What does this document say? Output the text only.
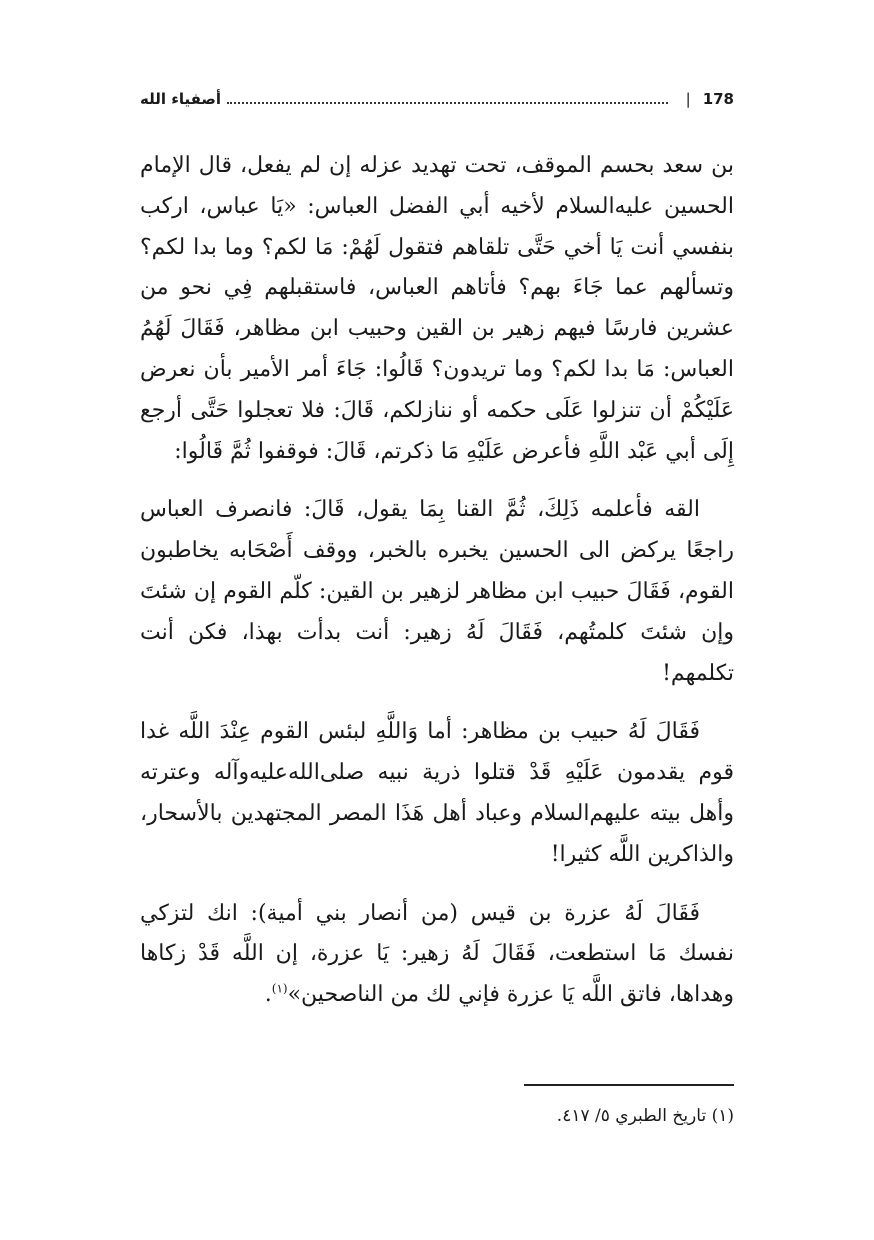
178
|
أصفياء الله

بن سعد بحسم الموقف، تحت تهديد عزله إن لم يفعل، قال الإمام الحسين عليه‌السلام لأخيه أبي الفضل العباس: «يَا عباس، اركب بنفسي أنت يَا أخي حَتَّى تلقاهم فتقول لَهُمْ: مَا لكم؟ وما بدا لكم؟ وتسألهم عما جَاءَ بهم؟ فأتاهم العباس، فاستقبلهم فِي نحو من عشرين فارسًا فيهم زهير بن القين وحبيب ابن مظاهر، فَقَالَ لَهُمُ العباس: مَا بدا لكم؟ وما تريدون؟ قَالُوا: جَاءَ أمر الأمير بأن نعرض عَلَيْكُمْ أن تنزلوا عَلَى حكمه أو ننازلكم، قَالَ: فلا تعجلوا حَتَّى أرجع إِلَى أبي عَبْد اللَّهِ فأعرض عَلَيْهِ مَا ذكرتم، قَالَ: فوقفوا ثُمَّ قَالُوا:

القه فأعلمه ذَلِكَ، ثُمَّ القنا بِمَا يقول، قَالَ: فانصرف العباس راجعًا يركض الى الحسين يخبره بالخبر، ووقف أَصْحَابه يخاطبون القوم، فَقَالَ حبيب ابن مظاهر لزهير بن القين: كلّم القوم إن شئتَ وإن شئتَ كلمتُهم، فَقَالَ لَهُ زهير: أنت بدأت بهذا، فكن أنت تكلمهم!

فَقَالَ لَهُ حبيب بن مظاهر: أما وَاللَّهِ لبئس القوم عِنْدَ اللَّه غدا قوم يقدمون عَلَيْهِ قَدْ قتلوا ذرية نبيه صلى‌الله‌عليه‌وآله وعترته وأهل بيته عليهم‌السلام وعباد أهل هَذَا المصر المجتهدين بالأسحار، والذاكرين اللَّه كثيرا!

فَقَالَ لَهُ عزرة بن قيس (من أنصار بني أمية): انك لتزكي نفسك مَا استطعت، فَقَالَ لَهُ زهير: يَا عزرة، إن اللَّه قَدْ زكاها وهداها، فاتق اللَّه يَا عزرة فإني لك من الناصحين»$^{(١)}$.

(١) تاريخ الطبري ٥/ ٤١٧.
